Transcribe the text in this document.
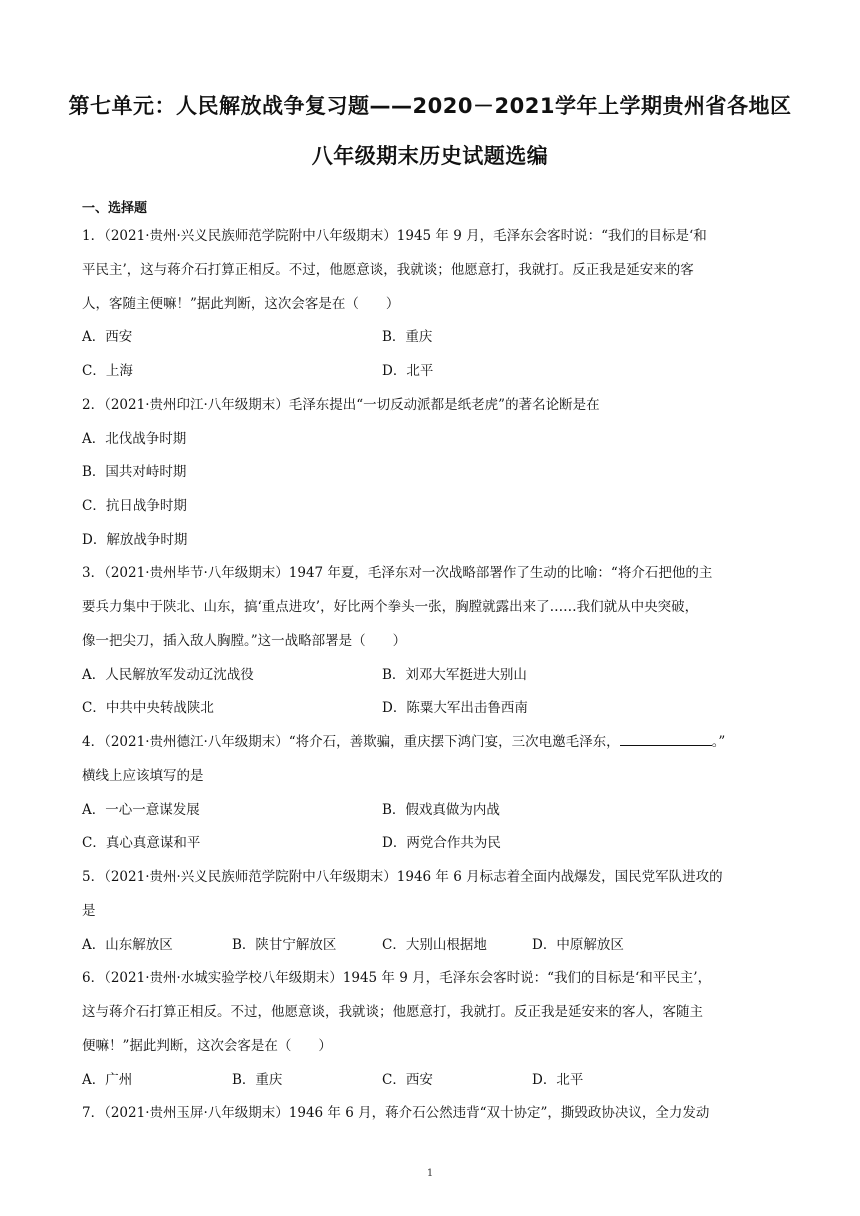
第七单元：人民解放战争复习题——2020－2021学年上学期贵州省各地区
八年级期末历史试题选编
一、选择题
1．（2021·贵州·兴义民族师范学院附中八年级期末）1945 年 9 月，毛泽东会客时说：“我们的目标是‘和
平民主’，这与蒋介石打算正相反。不过，他愿意谈，我就谈；他愿意打，我就打。反正我是延安来的客
人，客随主便嘛！”据此判断，这次会客是在（　　）
A．西安	B．重庆
C．上海	D．北平
2．（2021·贵州印江·八年级期末）毛泽东提出“一切反动派都是纸老虎”的著名论断是在
A．北伐战争时期
B．国共对峙时期
C．抗日战争时期
D．解放战争时期
3．（2021·贵州毕节·八年级期末）1947 年夏，毛泽东对一次战略部署作了生动的比喻：“将介石把他的主
要兵力集中于陕北、山东，搞‘重点进攻’，好比两个拳头一张，胸膛就露出来了……我们就从中央突破，
像一把尖刀，插入敌人胸膛。”这一战略部署是（　　）
A．人民解放军发动辽沈战役	B．刘邓大军挺进大别山
C．中共中央转战陕北	D．陈粟大军出击鲁西南
4．（2021·贵州德江·八年级期末）“将介石，善欺骗，重庆摆下鸿门宴，三次电邀毛泽东，	。”
横线上应该填写的是
A．一心一意谋发展	B．假戏真做为内战
C．真心真意谋和平	D．两党合作共为民
5．（2021·贵州·兴义民族师范学院附中八年级期末）1946 年 6 月标志着全面内战爆发，国民党军队进攻的
是
A．山东解放区	B．陕甘宁解放区	C．大别山根据地	D．中原解放区
6．（2021·贵州·水城实验学校八年级期末）1945 年 9 月，毛泽东会客时说：“我们的目标是‘和平民主’，
这与蒋介石打算正相反。不过，他愿意谈，我就谈；他愿意打，我就打。反正我是延安来的客人，客随主
便嘛！”据此判断，这次会客是在（　　）
A．广州	B．重庆	C．西安	D．北平
7．（2021·贵州玉屏·八年级期末）1946 年 6 月，蒋介石公然违背“双十协定”，撕毁政协决议，全力发动
1
